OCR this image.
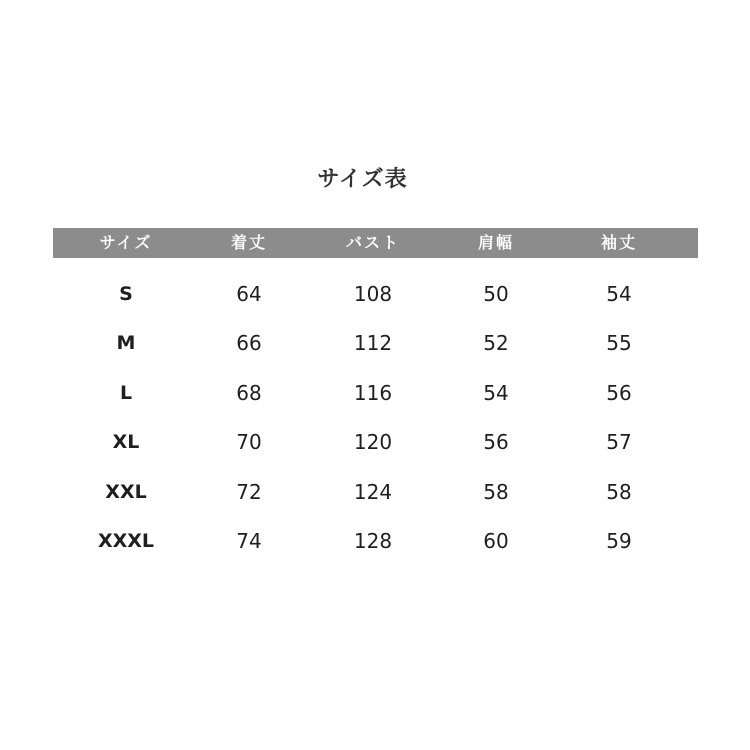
サイズ表
サイズ	着丈	バスト	肩幅	袖丈
S	64	108	50	54
M	66	112	52	55
L	68	116	54	56
XL	70	120	56	57
XXL	72	124	58	58
XXXL	74	128	60	59
